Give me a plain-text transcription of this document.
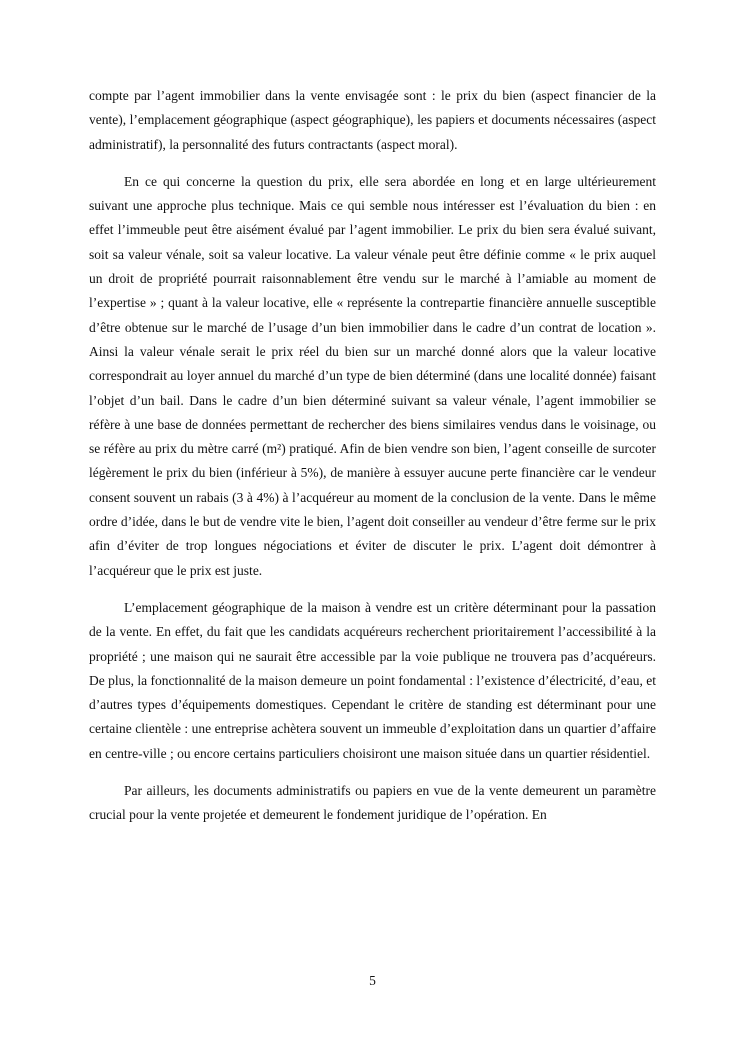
compte par l’agent immobilier dans la vente envisagée sont : le prix du bien (aspect financier de la vente), l’emplacement géographique (aspect géographique), les papiers et documents nécessaires (aspect administratif), la personnalité des futurs contractants (aspect moral).

En ce qui concerne la question du prix, elle sera abordée en long et en large ultérieurement suivant une approche plus technique. Mais ce qui semble nous intéresser est l’évaluation du bien : en effet l’immeuble peut être aisément évalué par l’agent immobilier. Le prix du bien sera évalué suivant, soit sa valeur vénale, soit sa valeur locative. La valeur vénale peut être définie comme « le prix auquel un droit de propriété pourrait raisonnablement être vendu sur le marché à l’amiable au moment de l’expertise » ; quant à la valeur locative, elle « représente la contrepartie financière annuelle susceptible d’être obtenue sur le marché de l’usage d’un bien immobilier dans le cadre d’un contrat de location ». Ainsi la valeur vénale serait le prix réel du bien sur un marché donné alors que la valeur locative correspondrait au loyer annuel du marché d’un type de bien déterminé (dans une localité donnée) faisant l’objet d’un bail. Dans le cadre d’un bien déterminé suivant sa valeur vénale, l’agent immobilier se réfère à une base de données permettant de rechercher des biens similaires vendus dans le voisinage, ou se réfère au prix du mètre carré (m²) pratiqué. Afin de bien vendre son bien, l’agent conseille de surcoter légèrement le prix du bien (inférieur à 5%), de manière à essuyer aucune perte financière car le vendeur consent souvent un rabais (3 à 4%) à l’acquéreur au moment de la conclusion de la vente. Dans le même ordre d’idée, dans le but de vendre vite le bien, l’agent doit conseiller au vendeur d’être ferme sur le prix afin d’éviter de trop longues négociations et éviter de discuter le prix. L’agent doit démontrer à l’acquéreur que le prix est juste.

L’emplacement géographique de la maison à vendre est un critère déterminant pour la passation de la vente. En effet, du fait que les candidats acquéreurs recherchent prioritairement l’accessibilité à la propriété ; une maison qui ne saurait être accessible par la voie publique ne trouvera pas d’acquéreurs. De plus, la fonctionnalité de la maison demeure un point fondamental : l’existence d’électricité, d’eau, et d’autres types d’équipements domestiques. Cependant le critère de standing est déterminant pour une certaine clientèle : une entreprise achètera souvent un immeuble d’exploitation dans un quartier d’affaire en centre-ville ; ou encore certains particuliers choisiront une maison située dans un quartier résidentiel.

Par ailleurs, les documents administratifs ou papiers en vue de la vente demeurent un paramètre crucial pour la vente projetée et demeurent le fondement juridique de l’opération. En

5
